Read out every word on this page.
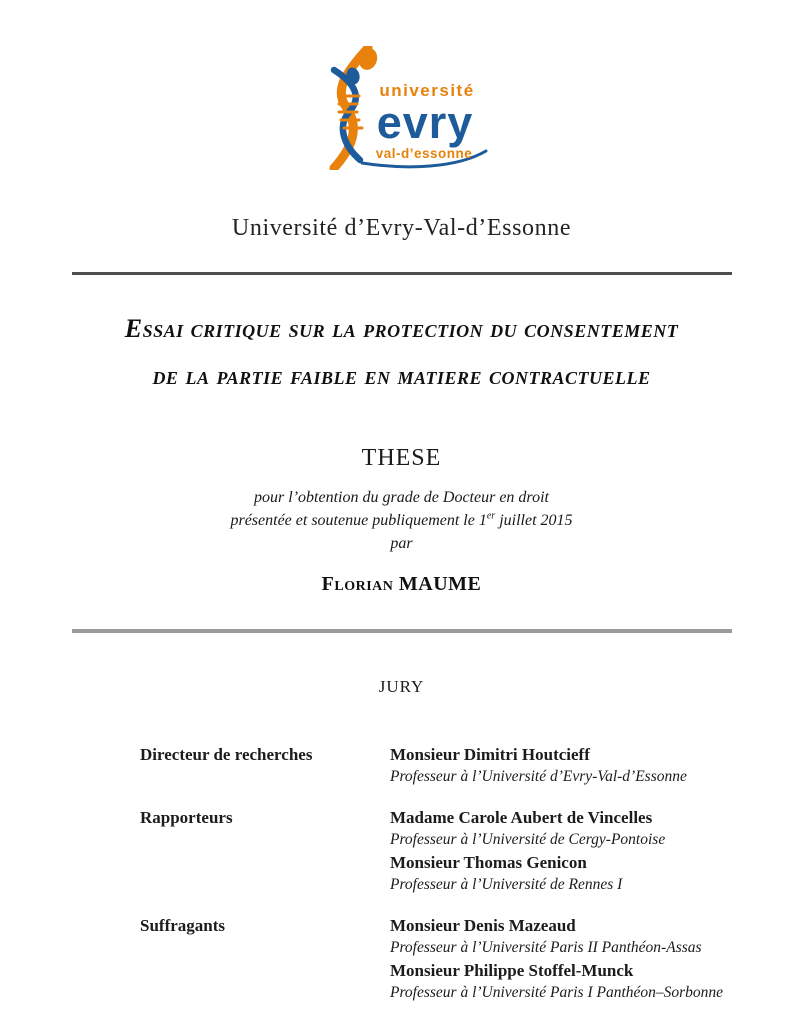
université
evry
val-d’essonne
Université d’Evry-Val-d’Essonne
Essai critique sur la protection du consentement
de la partie faible en matiere contractuelle
THESE
pour l’obtention du grade de Docteur en droit
présentée et soutenue publiquement le 1er juillet 2015
par
Florian MAUME
JURY
Directeur de recherches	Monsieur Dimitri Houtcieff
Professeur à l’Université d’Evry-Val-d’Essonne
Rapporteurs	Madame Carole Aubert de Vincelles
Professeur à l’Université de Cergy-Pontoise
Monsieur Thomas Genicon
Professeur à l’Université de Rennes I
Suffragants	Monsieur Denis Mazeaud
Professeur à l’Université Paris II Panthéon-Assas
Monsieur Philippe Stoffel-Munck
Professeur à l’Université Paris I Panthéon–Sorbonne
